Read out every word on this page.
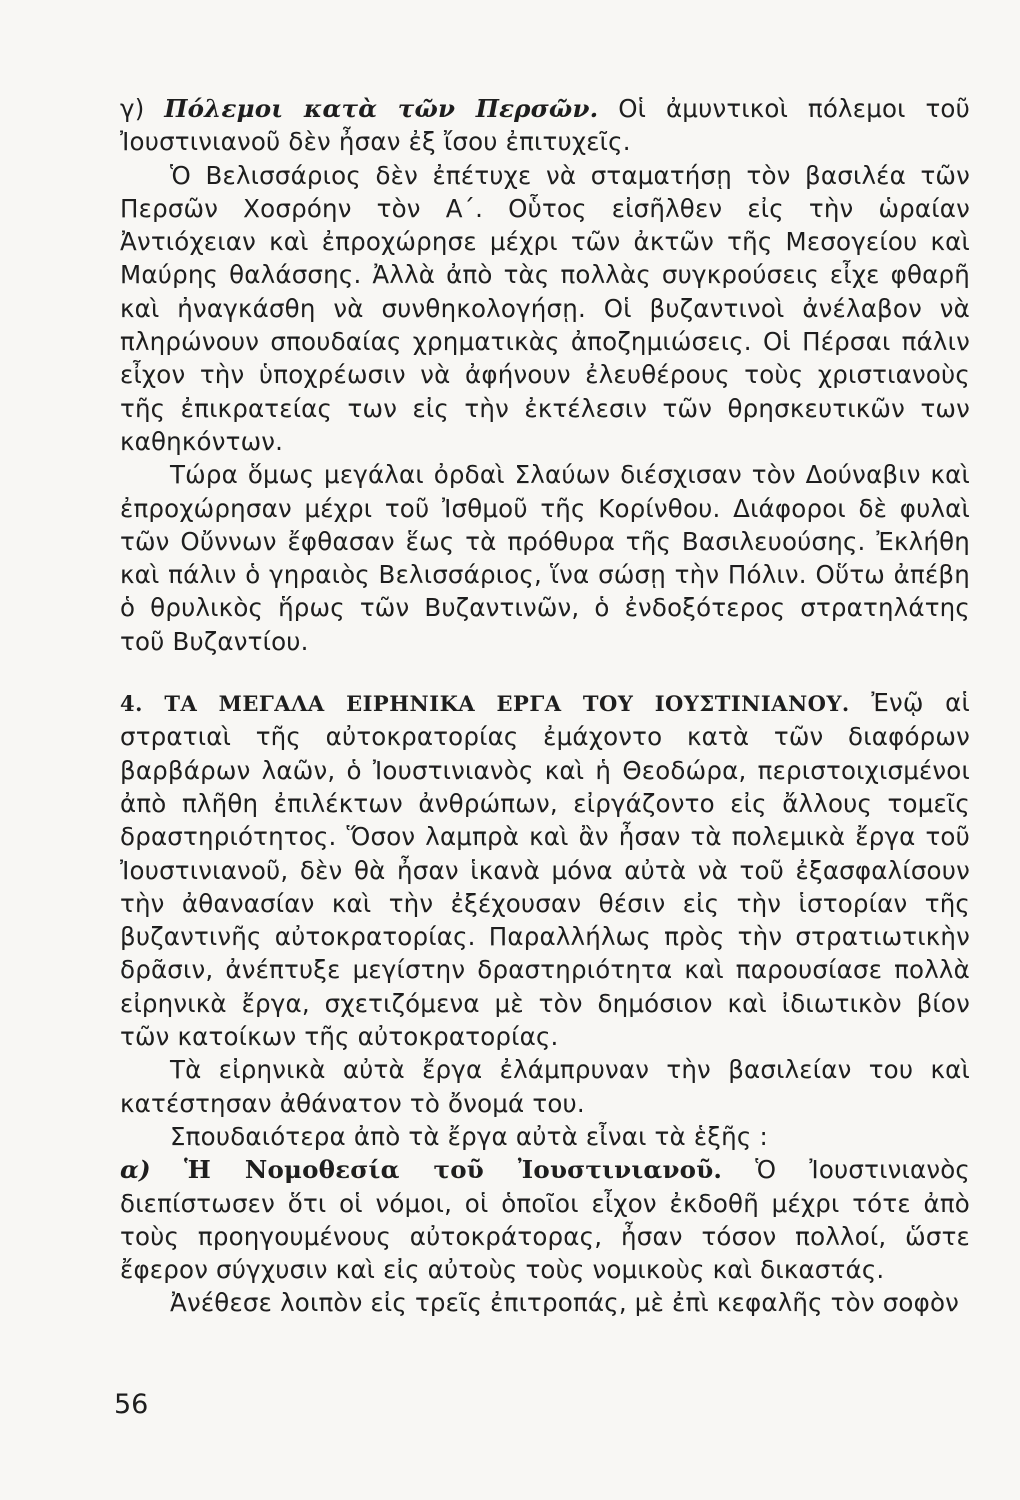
γ) Πόλεμοι κατὰ τῶν Περσῶν. Οἱ ἀμυντικοὶ πόλεμοι τοῦ Ἰουστινιανοῦ δὲν ἦσαν ἐξ ἴσου ἐπιτυχεῖς.

Ὁ Βελισσάριος δὲν ἐπέτυχε νὰ σταματήσῃ τὸν βασιλέα τῶν Περσῶν Χοσρόην τὸν Α΄. Οὗτος εἰσῆλθεν εἰς τὴν ὡραίαν Ἀντιόχειαν καὶ ἐπροχώρησε μέχρι τῶν ἀκτῶν τῆς Μεσογείου καὶ Μαύρης θαλάσσης. Ἀλλὰ ἀπὸ τὰς πολλὰς συγκρούσεις εἶχε φθαρῆ καὶ ἠναγκάσθη νὰ συνθηκολογήσῃ. Οἱ βυζαντινοὶ ἀνέλαβον νὰ πληρώνουν σπουδαίας χρηματικὰς ἀποζημιώσεις. Οἱ Πέρσαι πάλιν εἶχον τὴν ὑποχρέωσιν νὰ ἀφήνουν ἐλευθέρους τοὺς χριστιανοὺς τῆς ἐπικρατείας των εἰς τὴν ἐκτέλεσιν τῶν θρησκευτικῶν των καθηκόντων.

Τώρα ὅμως μεγάλαι ὀρδαὶ Σλαύων διέσχισαν τὸν Δούναβιν καὶ ἐπροχώρησαν μέχρι τοῦ Ἰσθμοῦ τῆς Κορίνθου. Διάφοροι δὲ φυλαὶ τῶν Οὔννων ἔφθασαν ἕως τὰ πρόθυρα τῆς Βασιλευούσης. Ἐκλήθη καὶ πάλιν ὁ γηραιὸς Βελισσάριος, ἵνα σώσῃ τὴν Πόλιν. Οὕτω ἀπέβη ὁ θρυλικὸς ἥρως τῶν Βυζαντινῶν, ὁ ἐνδοξότερος στρατηλάτης τοῦ Βυζαντίου.

4. ΤΑ ΜΕΓΑΛΑ ΕΙΡΗΝΙΚΑ ΕΡΓΑ ΤΟΥ ΙΟΥΣΤΙΝΙΑΝΟΥ. Ἐνῷ αἱ στρατιαὶ τῆς αὐτοκρατορίας ἐμάχοντο κατὰ τῶν διαφόρων βαρβάρων λαῶν, ὁ Ἰουστινιανὸς καὶ ἡ Θεοδώρα, περιστοιχισμένοι ἀπὸ πλῆθη ἐπιλέκτων ἀνθρώπων, εἰργάζοντο εἰς ἄλλους τομεῖς δραστηριότητος. Ὅσον λαμπρὰ καὶ ἂν ἦσαν τὰ πολεμικὰ ἔργα τοῦ Ἰουστινιανοῦ, δὲν θὰ ἦσαν ἱκανὰ μόνα αὐτὰ νὰ τοῦ ἐξασφαλίσουν τὴν ἀθανασίαν καὶ τὴν ἐξέχουσαν θέσιν εἰς τὴν ἱστορίαν τῆς βυζαντινῆς αὐτοκρατορίας. Παραλλήλως πρὸς τὴν στρατιωτικὴν δρᾶσιν, ἀνέπτυξε μεγίστην δραστηριότητα καὶ παρουσίασε πολλὰ εἰρηνικὰ ἔργα, σχετιζόμενα μὲ τὸν δημόσιον καὶ ἰδιωτικὸν βίον τῶν κατοίκων τῆς αὐτοκρατορίας.

Τὰ εἰρηνικὰ αὐτὰ ἔργα ἐλάμπρυναν τὴν βασιλείαν του καὶ κατέστησαν ἀθάνατον τὸ ὄνομά του.

Σπουδαιότερα ἀπὸ τὰ ἔργα αὐτὰ εἶναι τὰ ἑξῆς :

α) Ἡ Νομοθεσία τοῦ Ἰουστινιανοῦ. Ὁ Ἰουστινιανὸς διεπίστωσεν ὅτι οἱ νόμοι, οἱ ὁποῖοι εἶχον ἐκδοθῆ μέχρι τότε ἀπὸ τοὺς προηγουμένους αὐτοκράτορας, ἦσαν τόσον πολλοί, ὥστε ἔφερον σύγχυσιν καὶ εἰς αὐτοὺς τοὺς νομικοὺς καὶ δικαστάς.

Ἀνέθεσε λοιπὸν εἰς τρεῖς ἐπιτροπάς, μὲ ἐπὶ κεφαλῆς τὸν σοφὸν

56
